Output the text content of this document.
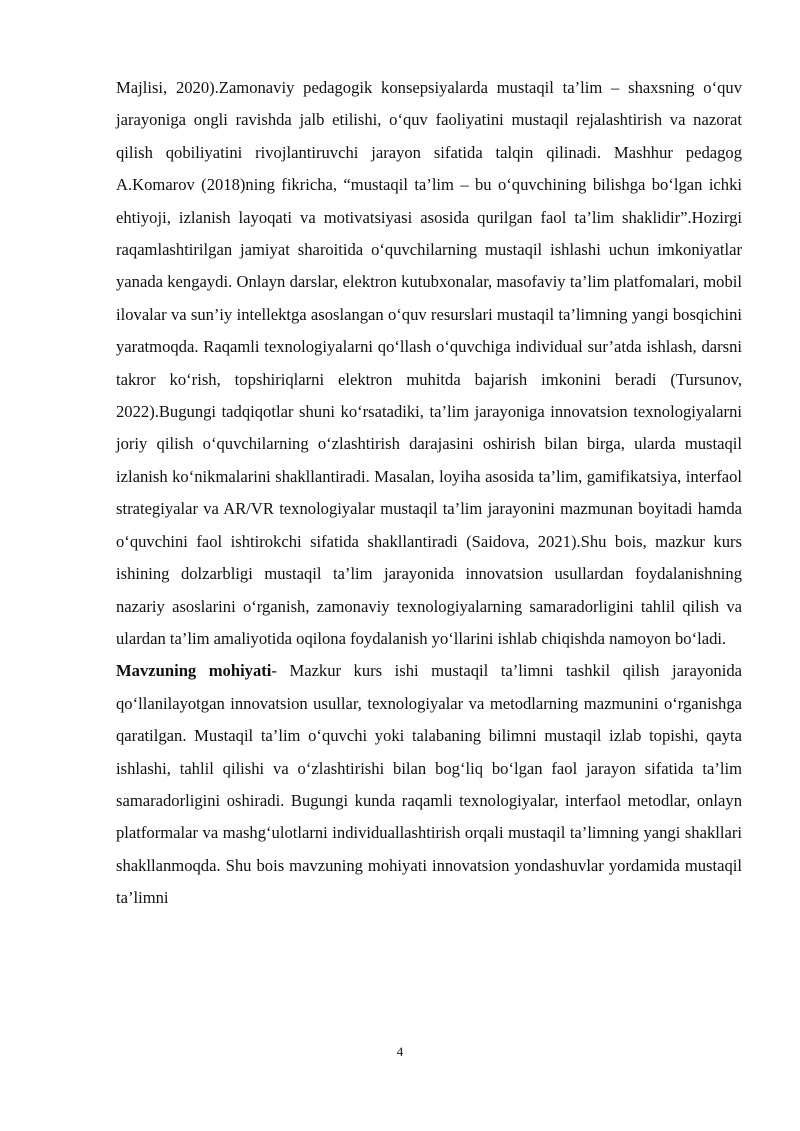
Majlisi, 2020).Zamonaviy pedagogik konsepsiyalarda mustaqil ta’lim – shaxsning o‘quv jarayoniga ongli ravishda jalb etilishi, o‘quv faoliyatini mustaqil rejalashtirish va nazorat qilish qobiliyatini rivojlantiruvchi jarayon sifatida talqin qilinadi. Mashhur pedagog A.Komarov (2018)ning fikricha, “mustaqil ta’lim – bu o‘quvchining bilishga bo‘lgan ichki ehtiyoji, izlanish layoqati va motivatsiyasi asosida qurilgan faol ta’lim shaklidir”.Hozirgi raqamlashtirilgan jamiyat sharoitida o‘quvchilarning mustaqil ishlashi uchun imkoniyatlar yanada kengaydi. Onlayn darslar, elektron kutubxonalar, masofaviy ta’lim platfomalari, mobil ilovalar va sun’iy intellektga asoslangan o‘quv resurslari mustaqil ta’limning yangi bosqichini yaratmoqda. Raqamli texnologiyalarni qo‘llash o‘quvchiga individual sur’atda ishlash, darsni takror ko‘rish, topshiriqlarni elektron muhitda bajarish imkonini beradi (Tursunov, 2022).Bugungi tadqiqotlar shuni ko‘rsatadiki, ta’lim jarayoniga innovatsion texnologiyalarni joriy qilish o‘quvchilarning o‘zlashtirish darajasini oshirish bilan birga, ularda mustaqil izlanish ko‘nikmalarini shakllantiradi. Masalan, loyiha asosida ta’lim, gamifikatsiya, interfaol strategiyalar va AR/VR texnologiyalar mustaqil ta’lim jarayonini mazmunan boyitadi hamda o‘quvchini faol ishtirokchi sifatida shakllantiradi (Saidova, 2021).Shu bois, mazkur kurs ishining dolzarbligi mustaqil ta’lim jarayonida innovatsion usullardan foydalanishning nazariy asoslarini o‘rganish, zamonaviy texnologiyalarning samaradorligini tahlil qilish va ulardan ta’lim amaliyotida oqilona foydalanish yo‘llarini ishlab chiqishda namoyon bo‘ladi.

Mavzuning mohiyati- Mazkur kurs ishi mustaqil ta’limni tashkil qilish jarayonida qo‘llanilayotgan innovatsion usullar, texnologiyalar va metodlarning mazmunini o‘rganishga qaratilgan. Mustaqil ta’lim o‘quvchi yoki talabaning bilimni mustaqil izlab topishi, qayta ishlashi, tahlil qilishi va o‘zlashtirishi bilan bog‘liq bo‘lgan faol jarayon sifatida ta’lim samaradorligini oshiradi. Bugungi kunda raqamli texnologiyalar, interfaol metodlar, onlayn platformalar va mashg‘ulotlarni individuallashtirish orqali mustaqil ta’limning yangi shakllari shakllanmoqda. Shu bois mavzuning mohiyati innovatsion yondashuvlar yordamida mustaqil ta’limni

4
